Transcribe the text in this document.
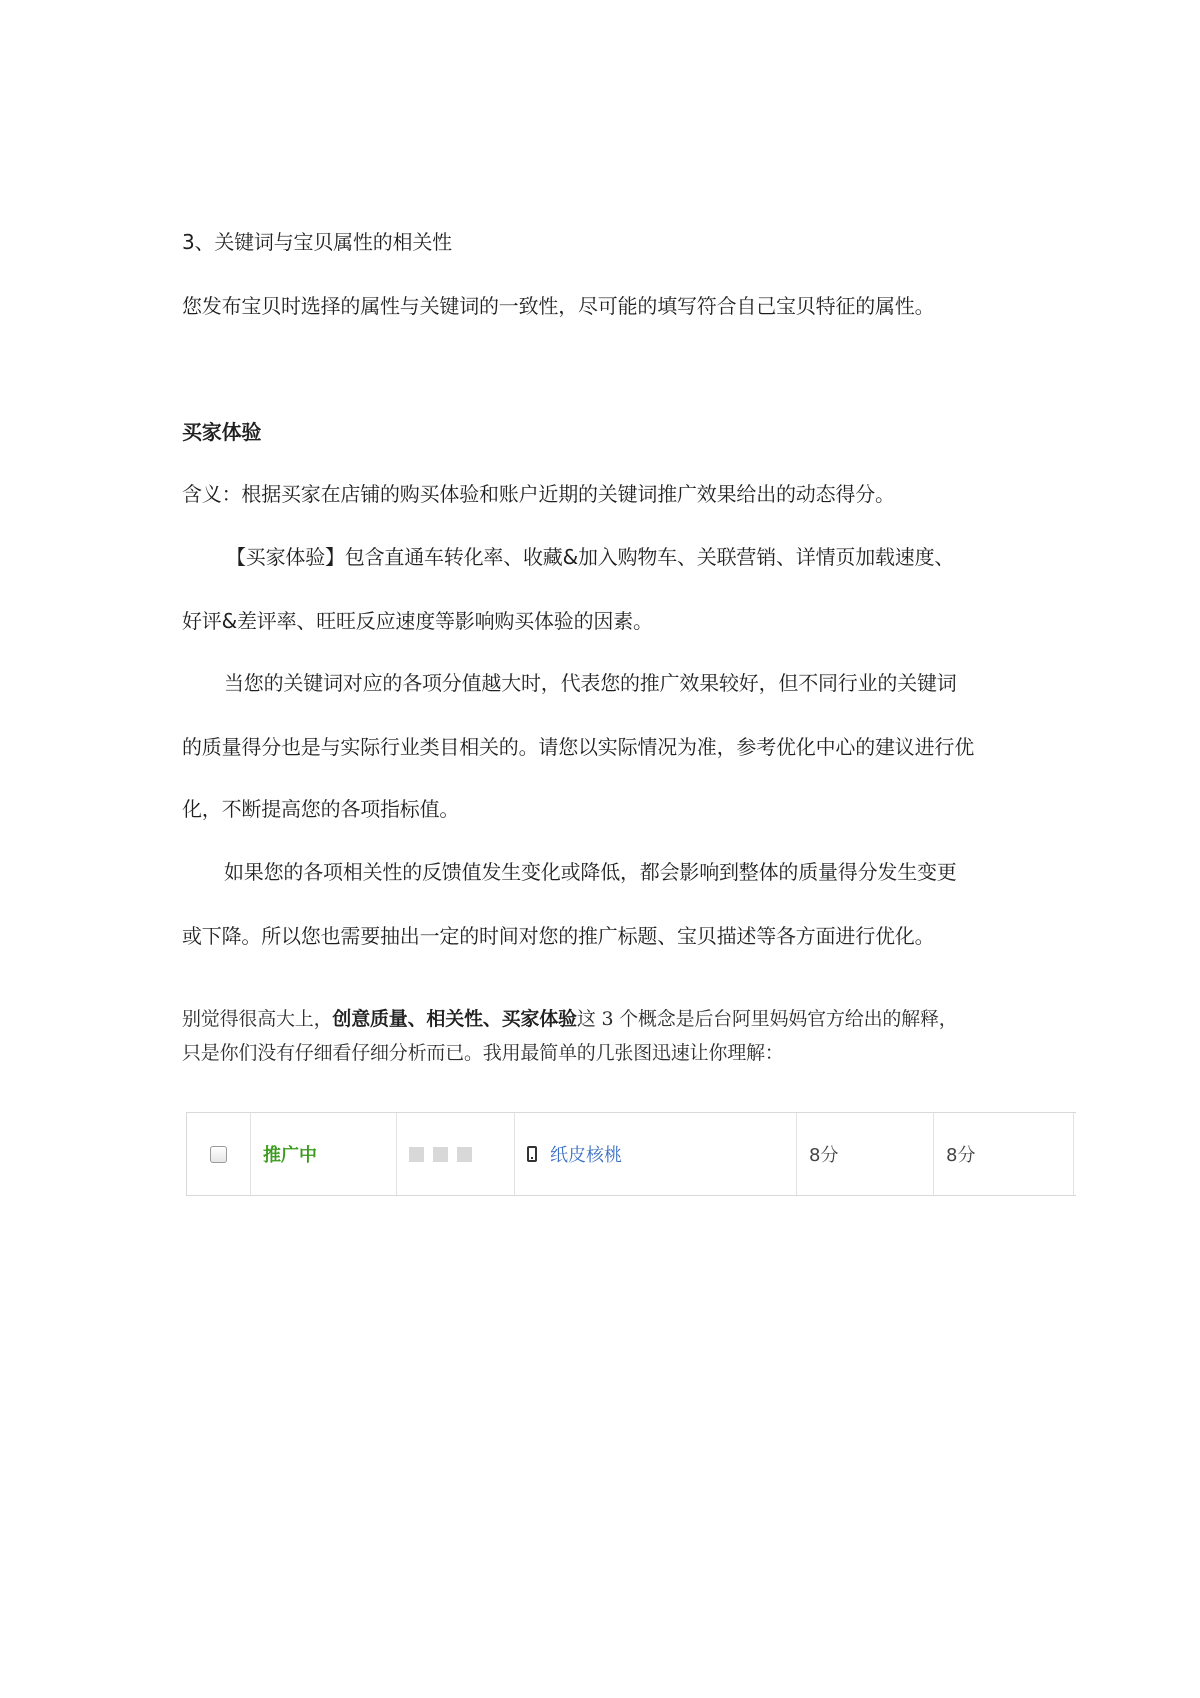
3、关键词与宝贝属性的相关性
您发布宝贝时选择的属性与关键词的一致性，尽可能的填写符合自己宝贝特征的属性。
买家体验
含义：根据买家在店铺的购买体验和账户近期的关键词推广效果给出的动态得分。
【买家体验】包含直通车转化率、收藏&加入购物车、关联营销、详情页加载速度、
好评&差评率、旺旺反应速度等影响购买体验的因素。
当您的关键词对应的各项分值越大时，代表您的推广效果较好，但不同行业的关键词
的质量得分也是与实际行业类目相关的。请您以实际情况为准，参考优化中心的建议进行优
化，不断提高您的各项指标值。
如果您的各项相关性的反馈值发生变化或降低，都会影响到整体的质量得分发生变更
或下降。所以您也需要抽出一定的时间对您的推广标题、宝贝描述等各方面进行优化。
别觉得很高大上，创意质量、相关性、买家体验这 3 个概念是后台阿里妈妈官方给出的解释，
只是你们没有仔细看仔细分析而已。我用最简单的几张图迅速让你理解：
推广中	纸皮核桃	8分	8分
